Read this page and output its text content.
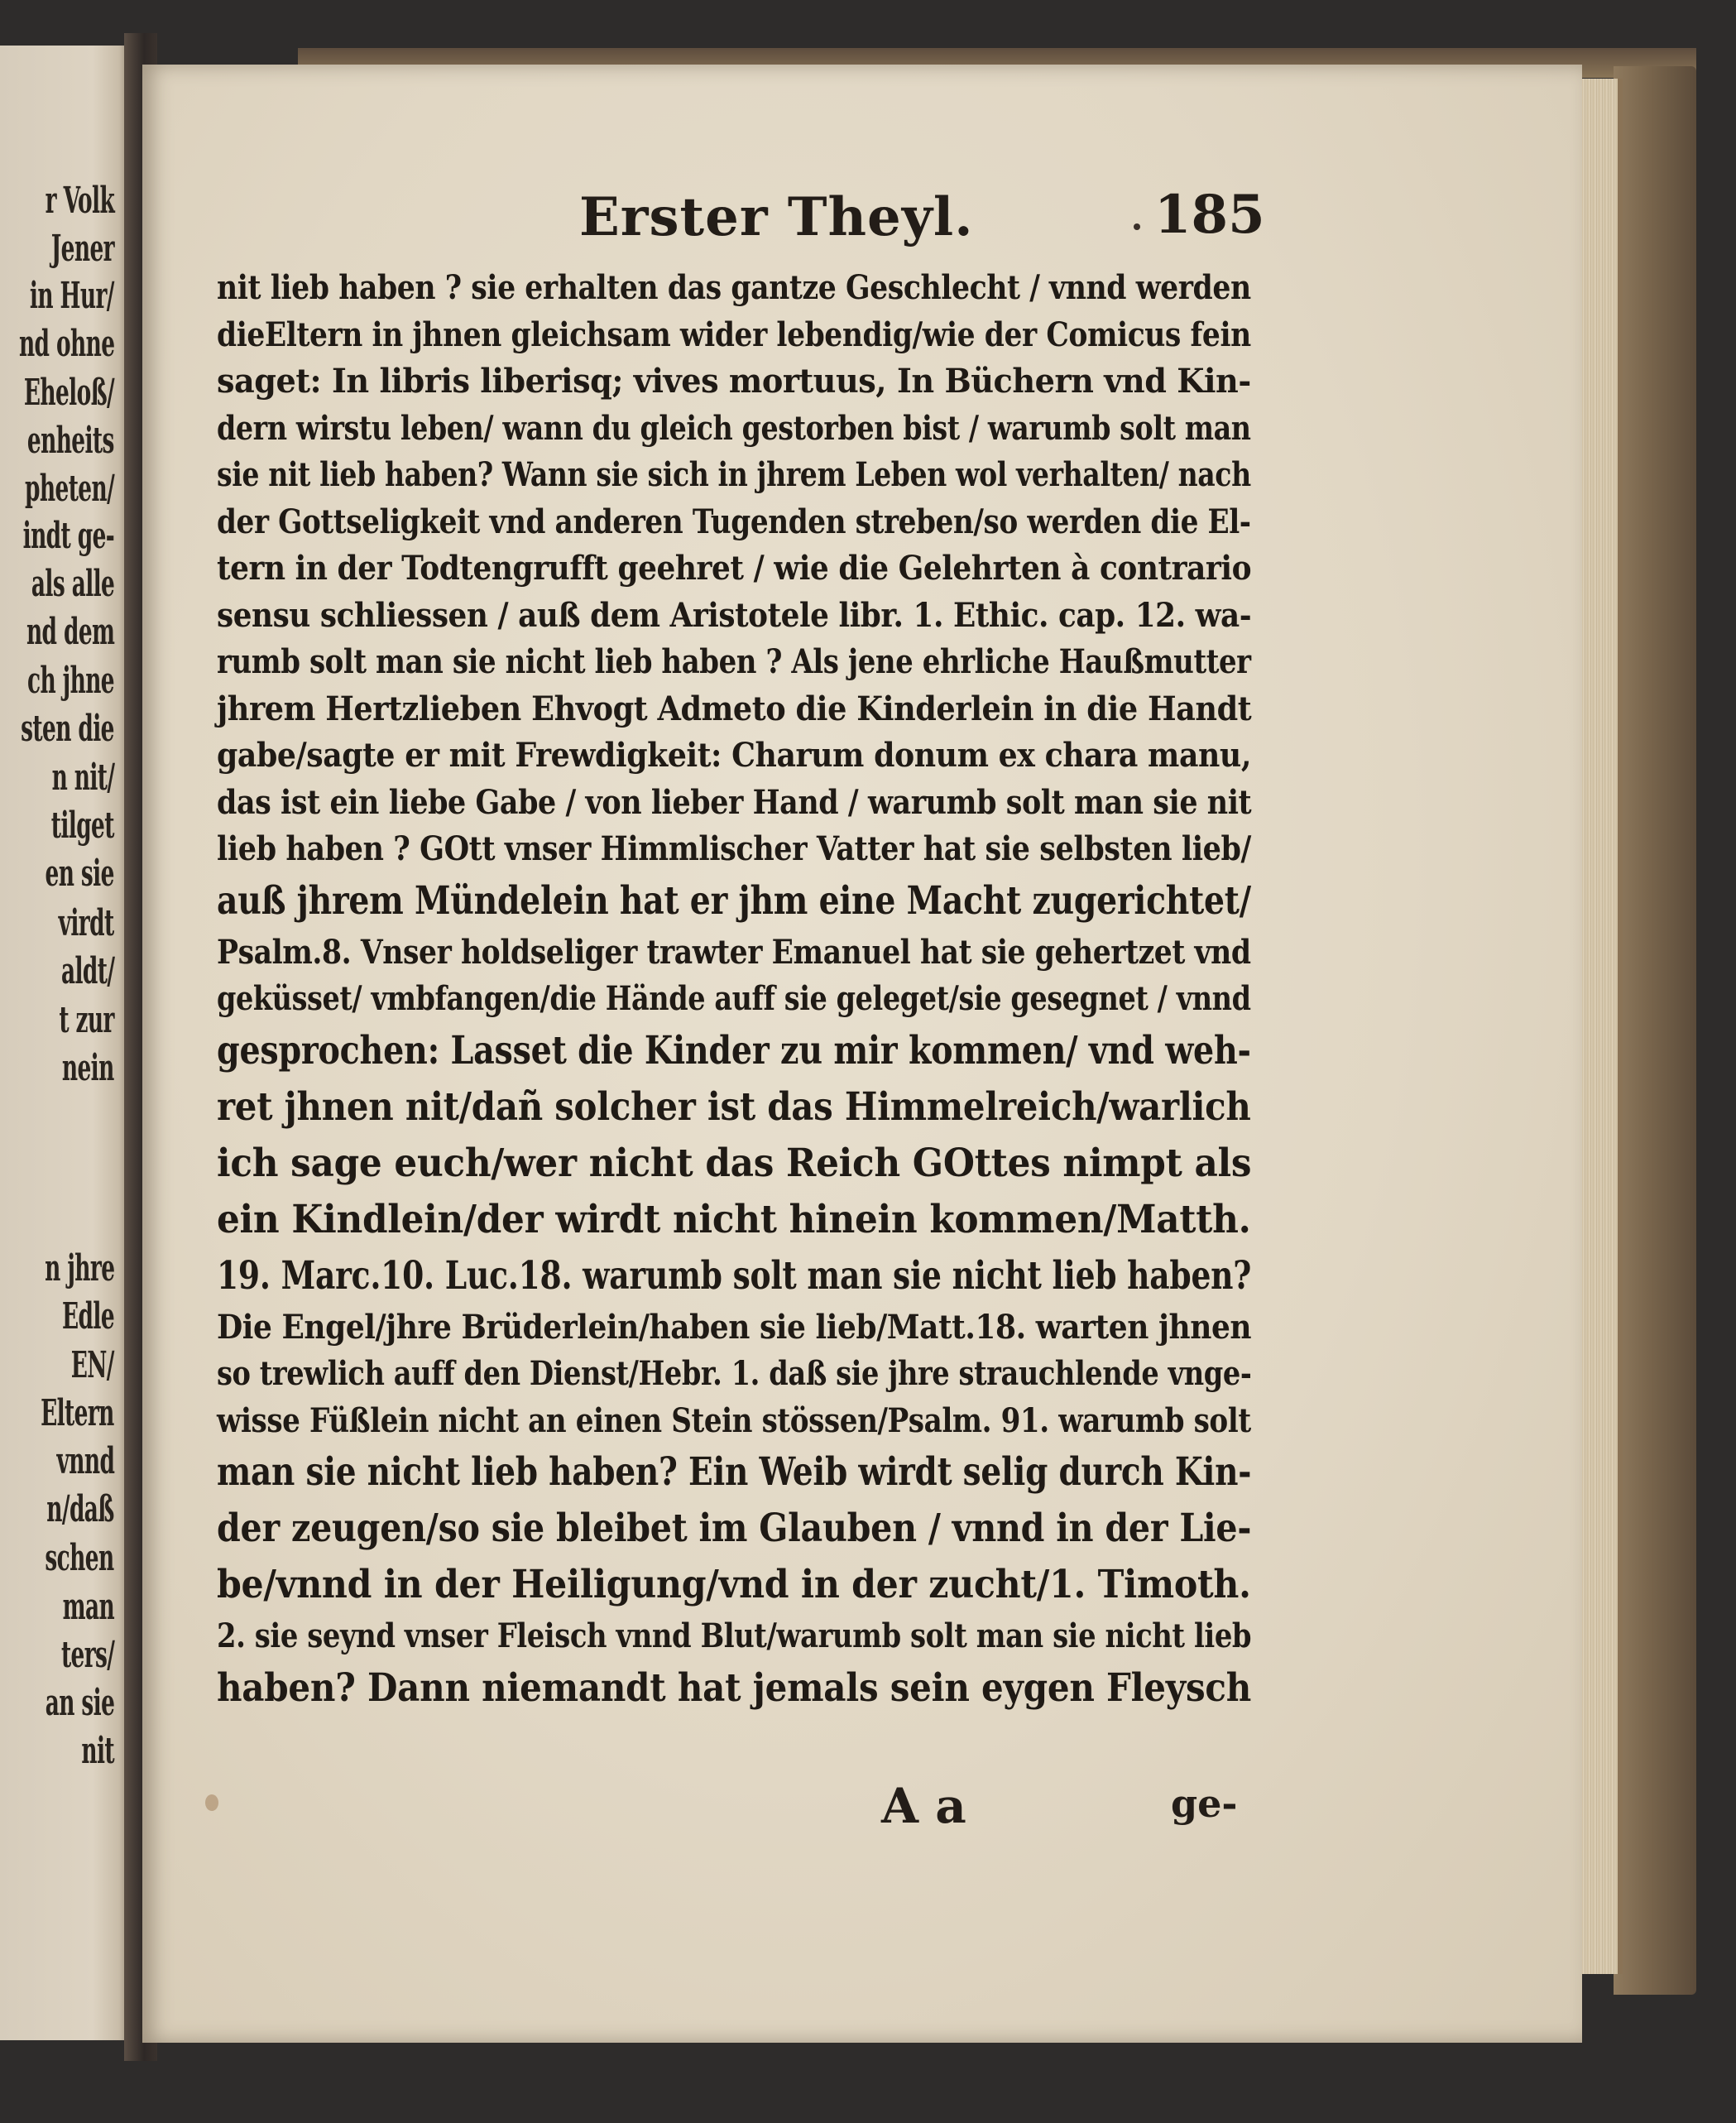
r Volk
Jener
in Hur/
nd ohne
Eheloß/
enheits
pheten/
indt ge-
als alle
nd dem
ch jhne
sten die
n nit/
tilget
en sie
virdt
aldt/
t zur
nein
n jhre
Edle
EN/
Eltern
vnnd
n/daß
schen
man
ters/
an sie
nit
Erster Theyl.	185
nit lieb haben ? sie erhalten das gantze Geschlecht / vnnd werden
dieEltern in jhnen gleichsam wider lebendig/wie der Comicus fein
saget: In libris liberisq; vives mortuus, In Büchern vnd Kin-
dern wirstu leben/ wann du gleich gestorben bist / warumb solt man
sie nit lieb haben? Wann sie sich in jhrem Leben wol verhalten/ nach
der Gottseligkeit vnd anderen Tugenden streben/so werden die El-
tern in der Todtengrufft geehret / wie die Gelehrten à contrario
sensu schliessen / auß dem Aristotele libr. 1. Ethic. cap. 12. wa-
rumb solt man sie nicht lieb haben ? Als jene ehrliche Haußmutter
jhrem Hertzlieben Ehvogt Admeto die Kinderlein in die Handt
gabe/sagte er mit Frewdigkeit: Charum donum ex chara manu,
das ist ein liebe Gabe / von lieber Hand / warumb solt man sie nit
lieb haben ? GOtt vnser Himmlischer Vatter hat sie selbsten lieb/
auß jhrem Mündelein hat er jhm eine Macht zugerichtet/
Psalm.8. Vnser holdseliger trawter Emanuel hat sie gehertzet vnd
geküsset/ vmbfangen/die Hände auff sie geleget/sie gesegnet / vnnd
gesprochen: Lasset die Kinder zu mir kommen/ vnd weh-
ret jhnen nit/dañ solcher ist das Himmelreich/warlich
ich sage euch/wer nicht das Reich GOttes nimpt als
ein Kindlein/der wirdt nicht hinein kommen/Matth.
19. Marc.10. Luc.18. warumb solt man sie nicht lieb haben?
Die Engel/jhre Brüderlein/haben sie lieb/Matt.18. warten jhnen
so trewlich auff den Dienst/Hebr. 1. daß sie jhre strauchlende vnge-
wisse Füßlein nicht an einen Stein stössen/Psalm. 91. warumb solt
man sie nicht lieb haben? Ein Weib wirdt selig durch Kin-
der zeugen/so sie bleibet im Glauben / vnnd in der Lie-
be/vnnd in der Heiligung/vnd in der zucht/1. Timoth.
2. sie seynd vnser Fleisch vnnd Blut/warumb solt man sie nicht lieb
haben? Dann niemandt hat jemals sein eygen Fleysch
A a	ge-
